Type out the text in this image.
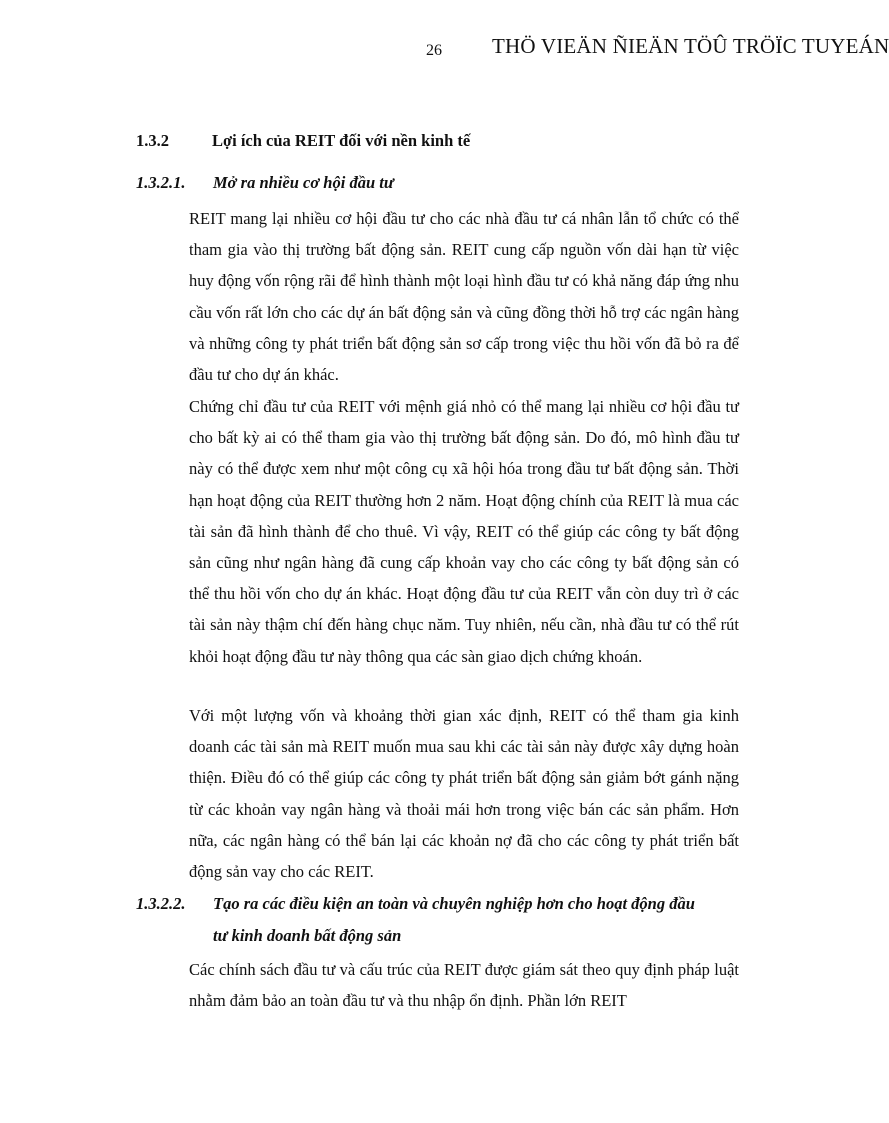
26 THÖ VIEÄN ÑIEÄN TÖÛ TRÖÏC TUYEÁN
1.3.2	Lợi ích của REIT đối với nền kinh tế
1.3.2.1. Mở ra nhiều cơ hội đầu tư

REIT mang lại nhiều cơ hội đầu tư cho các nhà đầu tư cá nhân lẫn tổ chức có thể tham gia vào thị trường bất động sản. REIT cung cấp nguồn vốn dài hạn từ việc huy động vốn rộng rãi để hình thành một loại hình đầu tư có khả năng đáp ứng nhu cầu vốn rất lớn cho các dự án bất động sản và cũng đồng thời hỗ trợ các ngân hàng và những công ty phát triển bất động sản sơ cấp trong việc thu hồi vốn đã bỏ ra để đầu tư cho dự án khác.

Chứng chỉ đầu tư của REIT với mệnh giá nhỏ có thể mang lại nhiều cơ hội đầu tư cho bất kỳ ai có thể tham gia vào thị trường bất động sản. Do đó, mô hình đầu tư này có thể được xem như một công cụ xã hội hóa trong đầu tư bất động sản. Thời hạn hoạt động của REIT thường hơn 2 năm. Hoạt động chính của REIT là mua các tài sản đã hình thành để cho thuê. Vì vậy, REIT có thể giúp các công ty bất động sản cũng như ngân hàng đã cung cấp khoản vay cho các công ty bất động sản có thể thu hồi vốn cho dự án khác. Hoạt động đầu tư của REIT vẫn còn duy trì ở các tài sản này thậm chí đến hàng chục năm. Tuy nhiên, nếu cần, nhà đầu tư có thể rút khỏi hoạt động đầu tư này thông qua các sàn giao dịch chứng khoán.

Với một lượng vốn và khoảng thời gian xác định, REIT có thể tham gia kinh doanh các tài sản mà REIT muốn mua sau khi các tài sản này được xây dựng hoàn thiện. Điều đó có thể giúp các công ty phát triển bất động sản giảm bớt gánh nặng từ các khoản vay ngân hàng và thoải mái hơn trong việc bán các sản phẩm. Hơn nữa, các ngân hàng có thể bán lại các khoản nợ đã cho các công ty phát triển bất động sản vay cho các REIT.

1.3.2.2. Tạo ra các điều kiện an toàn và chuyên nghiệp hơn cho hoạt động đầu
tư kinh doanh bất động sản

Các chính sách đầu tư và cấu trúc của REIT được giám sát theo quy định pháp luật nhằm đảm bảo an toàn đầu tư và thu nhập ổn định. Phần lớn REIT
